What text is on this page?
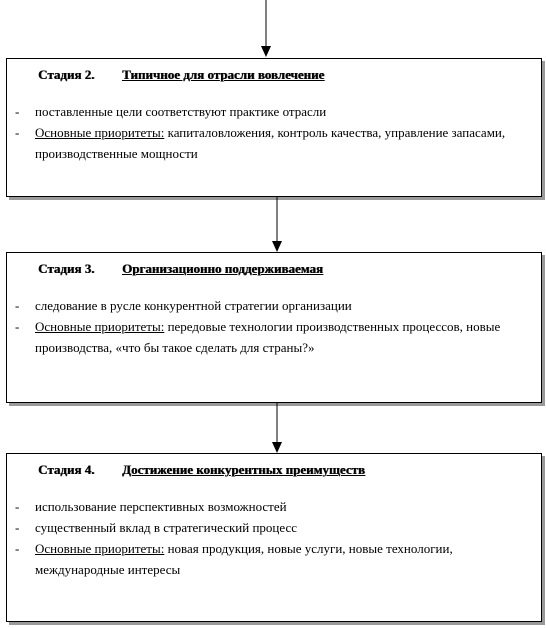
Стадия 2. Типичное для отрасли вовлечение
- поставленные цели соответствуют практике отрасли
- Основные приоритеты: капиталовложения, контроль качества, управление запасами, производственные мощности
Стадия 3. Организационно поддерживаемая
- следование в русле конкурентной стратегии организации
- Основные приоритеты: передовые технологии производственных процессов, новые производства, «что бы такое сделать для страны?»
Стадия 4. Достижение конкурентных преимуществ
- использование перспективных возможностей
- существенный вклад в стратегический процесс
- Основные приоритеты: новая продукция, новые услуги, новые технологии, международные интересы
